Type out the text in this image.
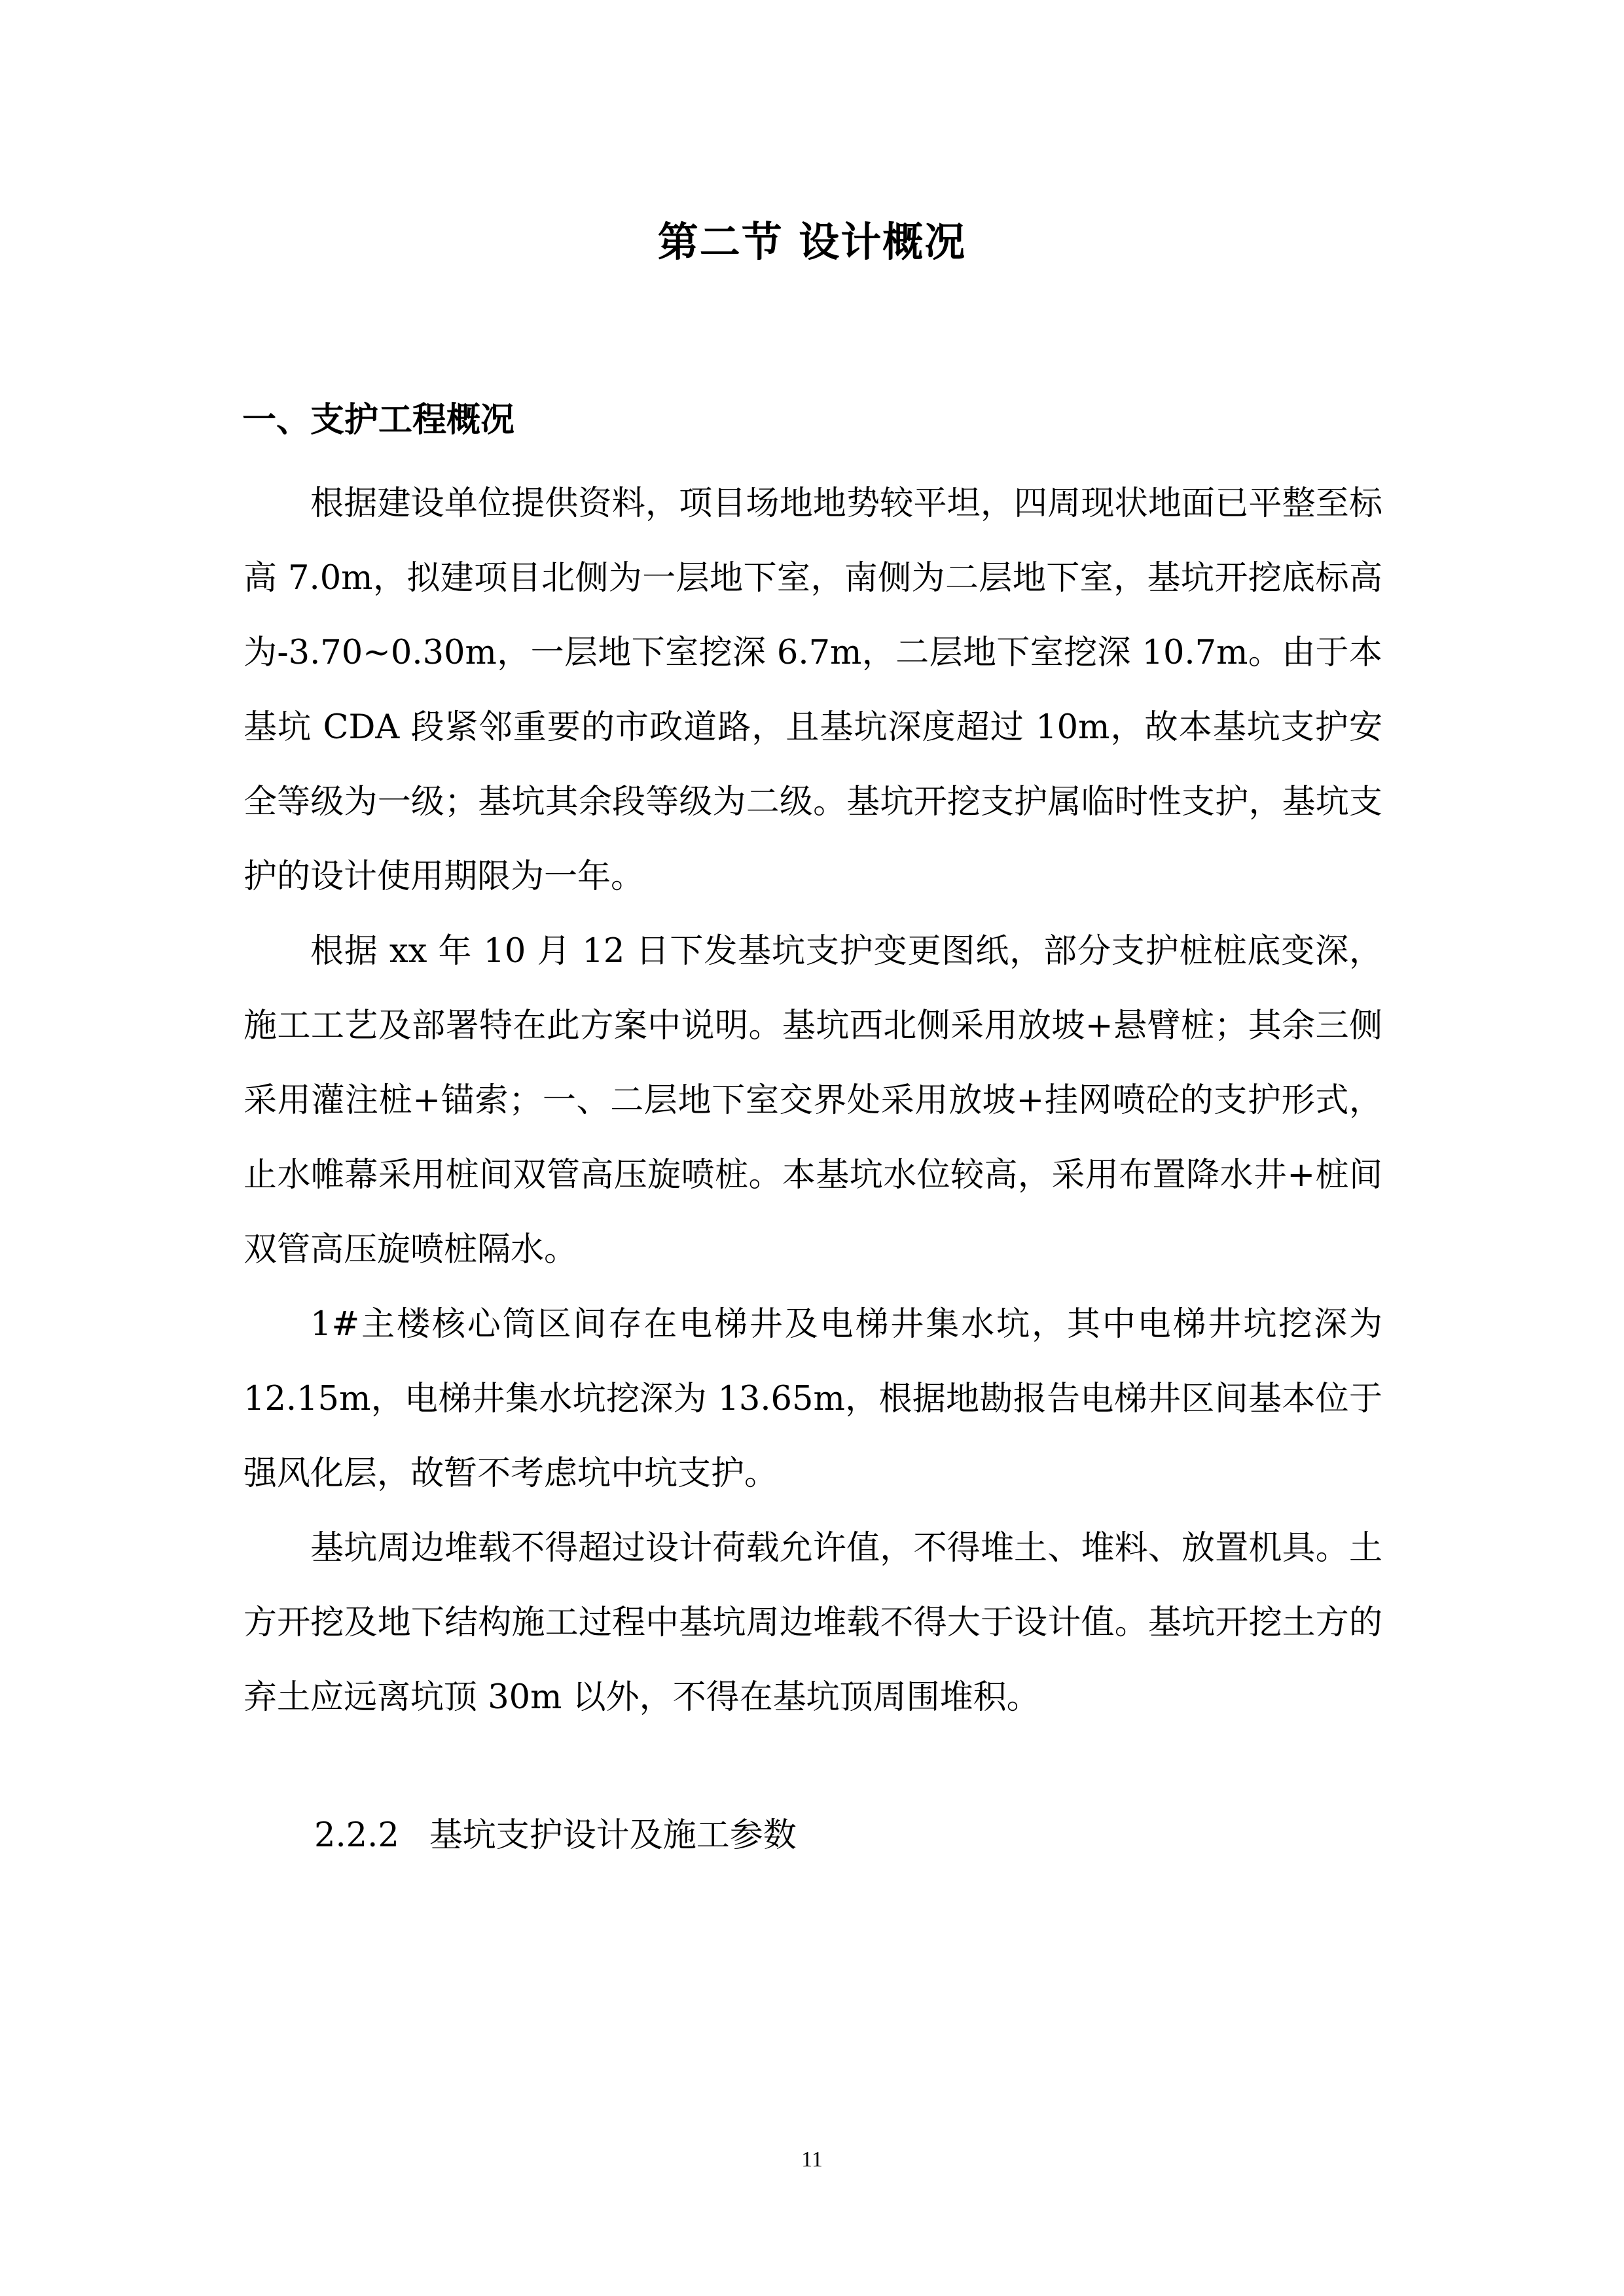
第二节 设计概况
一、支护工程概况

根据建设单位提供资料，项目场地地势较平坦，四周现状地面已平整至标高 7.0m，拟建项目北侧为一层地下室，南侧为二层地下室，基坑开挖底标高为-3.70~0.30m，一层地下室挖深 6.7m，二层地下室挖深 10.7m。由于本基坑 CDA 段紧邻重要的市政道路，且基坑深度超过 10m，故本基坑支护安全等级为一级；基坑其余段等级为二级。基坑开挖支护属临时性支护，基坑支护的设计使用期限为一年。

根据 xx 年 10 月 12 日下发基坑支护变更图纸，部分支护桩桩底变深，施工工艺及部署特在此方案中说明。基坑西北侧采用放坡+悬臂桩；其余三侧采用灌注桩+锚索；一、二层地下室交界处采用放坡+挂网喷砼的支护形式，止水帷幕采用桩间双管高压旋喷桩。本基坑水位较高，采用布置降水井+桩间双管高压旋喷桩隔水。

1#主楼核心筒区间存在电梯井及电梯井集水坑，其中电梯井坑挖深为 12.15m，电梯井集水坑挖深为 13.65m，根据地勘报告电梯井区间基本位于强风化层，故暂不考虑坑中坑支护。

基坑周边堆载不得超过设计荷载允许值，不得堆土、堆料、放置机具。土方开挖及地下结构施工过程中基坑周边堆载不得大于设计值。基坑开挖土方的弃土应远离坑顶 30m 以外，不得在基坑顶周围堆积。

2.2.2 基坑支护设计及施工参数
11
